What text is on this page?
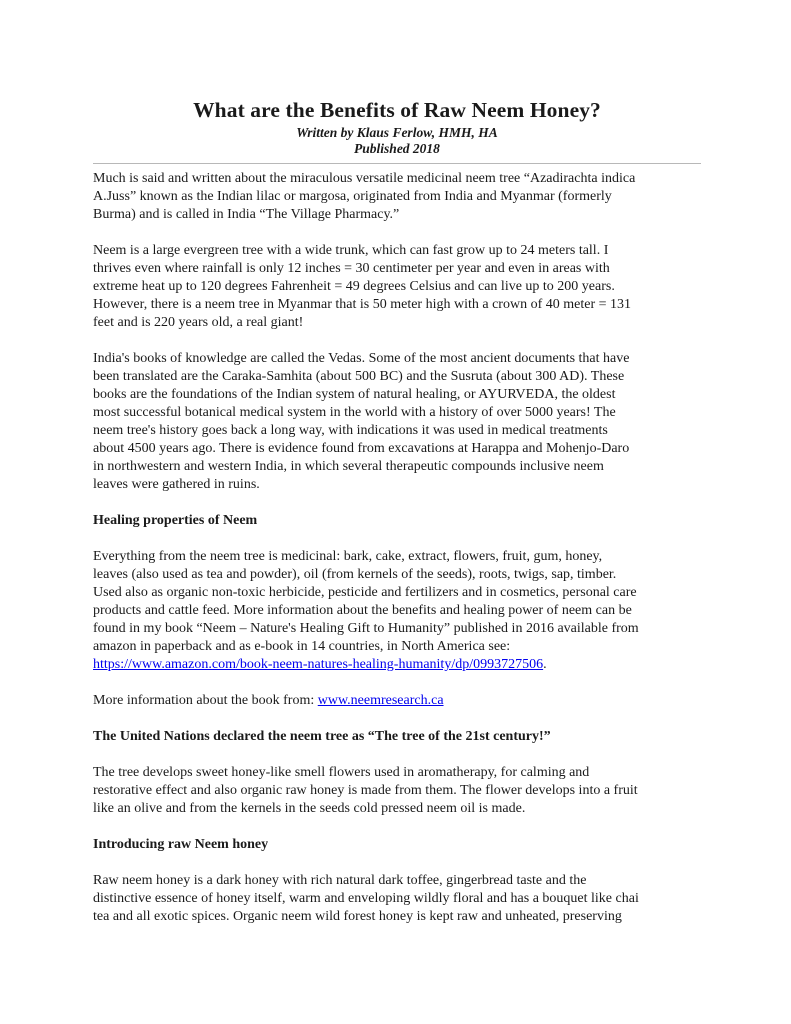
What are the Benefits of Raw Neem Honey?
Written by Klaus Ferlow, HMH, HA
Published 2018

Much is said and written about the miraculous versatile medicinal neem tree “Azadirachta indica
A.Juss” known as the Indian lilac or margosa, originated from India and Myanmar (formerly
Burma) and is called in India “The Village Pharmacy.”

Neem is a large evergreen tree with a wide trunk, which can fast grow up to 24 meters tall. I
thrives even where rainfall is only 12 inches = 30 centimeter per year and even in areas with
extreme heat up to 120 degrees Fahrenheit = 49 degrees Celsius and can live up to 200 years.
However, there is a neem tree in Myanmar that is 50 meter high with a crown of 40 meter = 131
feet and is 220 years old, a real giant!

India's books of knowledge are called the Vedas. Some of the most ancient documents that have
been translated are the Caraka-Samhita (about 500 BC) and the Susruta (about 300 AD). These
books are the foundations of the Indian system of natural healing, or AYURVEDA, the oldest
most successful botanical medical system in the world with a history of over 5000 years! The
neem tree's history goes back a long way, with indications it was used in medical treatments
about 4500 years ago. There is evidence found from excavations at Harappa and Mohenjo-Daro
in northwestern and western India, in which several therapeutic compounds inclusive neem
leaves were gathered in ruins.

Healing properties of Neem

Everything from the neem tree is medicinal: bark, cake, extract, flowers, fruit, gum, honey,
leaves (also used as tea and powder), oil (from kernels of the seeds), roots, twigs, sap, timber.
Used also as organic non-toxic herbicide, pesticide and fertilizers and in cosmetics, personal care
products and cattle feed. More information about the benefits and healing power of neem can be
found in my book “Neem – Nature's Healing Gift to Humanity” published in 2016 available from
amazon in paperback and as e-book in 14 countries, in North America see:
https://www.amazon.com/book-neem-natures-healing-humanity/dp/0993727506.

More information about the book from: www.neemresearch.ca

The United Nations declared the neem tree as “The tree of the 21st century!”

The tree develops sweet honey-like smell flowers used in aromatherapy, for calming and
restorative effect and also organic raw honey is made from them. The flower develops into a fruit
like an olive and from the kernels in the seeds cold pressed neem oil is made.

Introducing raw Neem honey

Raw neem honey is a dark honey with rich natural dark toffee, gingerbread taste and the
distinctive essence of honey itself, warm and enveloping wildly floral and has a bouquet like chai
tea and all exotic spices. Organic neem wild forest honey is kept raw and unheated, preserving
